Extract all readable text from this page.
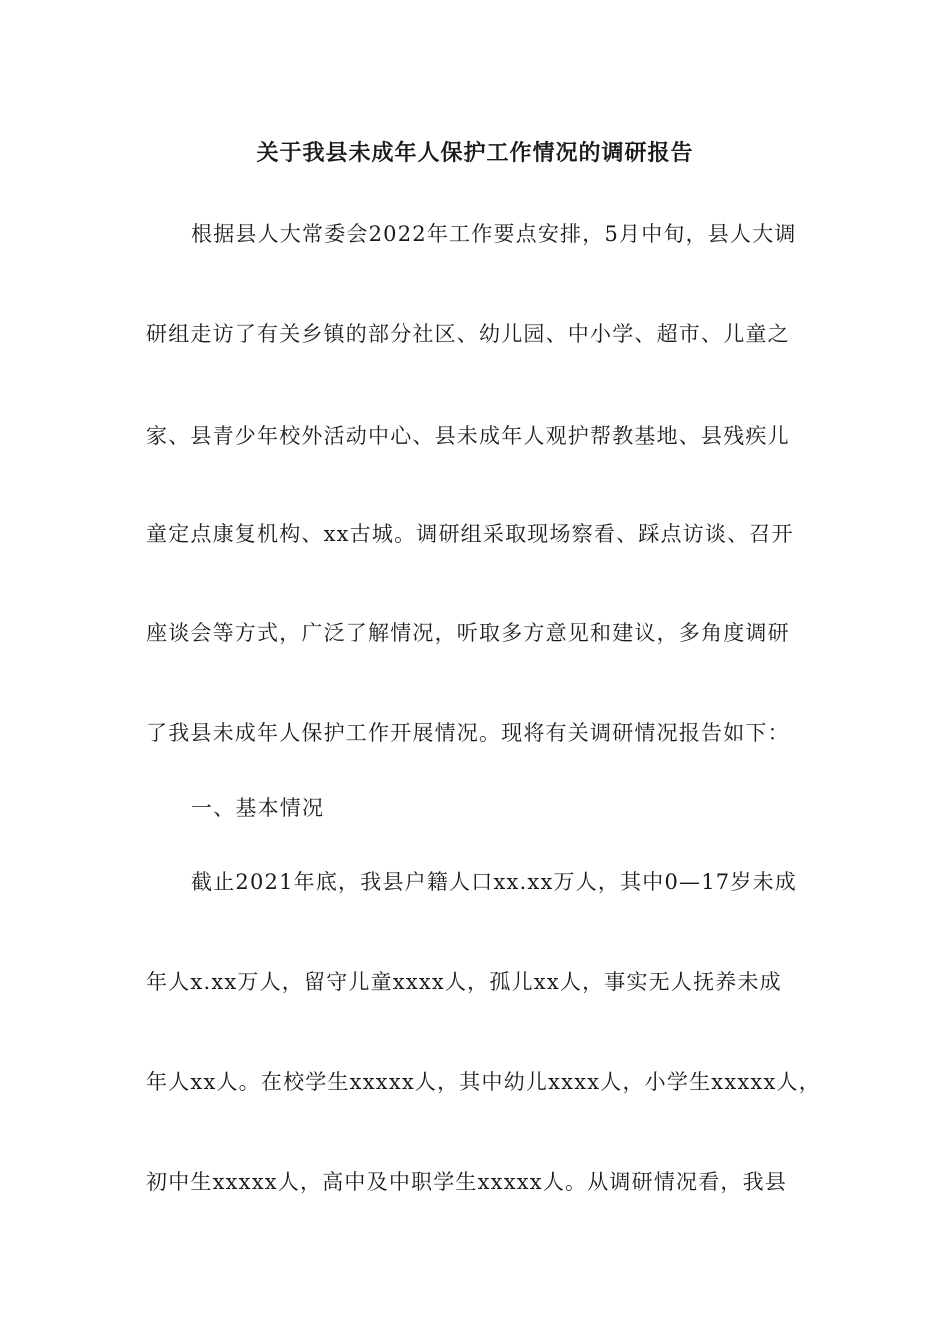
关于我县未成年人保护工作情况的调研报告
根据县人大常委会2022年工作要点安排，5月中旬，县人大调
研组走访了有关乡镇的部分社区、幼儿园、中小学、超市、儿童之
家、县青少年校外活动中心、县未成年人观护帮教基地、县残疾儿
童定点康复机构、xx古城。调研组采取现场察看、踩点访谈、召开
座谈会等方式，广泛了解情况，听取多方意见和建议，多角度调研
了我县未成年人保护工作开展情况。现将有关调研情况报告如下：
一、基本情况
截止2021年底，我县户籍人口xx.xx万人，其中0—17岁未成
年人x.xx万人，留守儿童xxxx人，孤儿xx人，事实无人抚养未成
年人xx人。在校学生xxxxx人，其中幼儿xxxx人，小学生xxxxx人，
初中生xxxxx人，高中及中职学生xxxxx人。从调研情况看，我县
